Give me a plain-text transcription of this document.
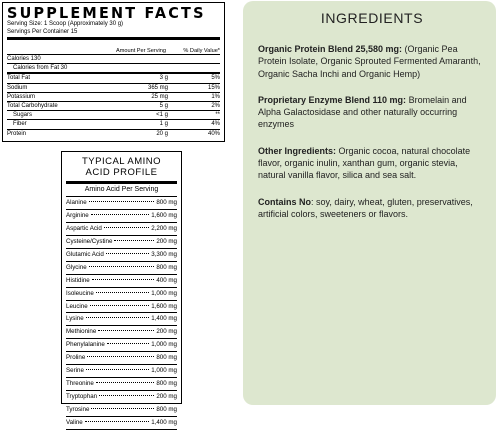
SUPPLEMENT FACTS
Serving Size: 1 Scoop (Approximately 30 g)
Servings Per Container 15
Amount Per Serving	% Daily Value*
Calories 130
Calories from Fat 30
Total Fat	3 g	5%
Sodium	365 mg	15%
Potassium	25 mg	1%
Total Carbohydrate	5 g	2%
Sugars	<1 g	**
Fiber	1 g	4%
Protein	20 g	40%
TYPICAL AMINO
ACID PROFILE
Amino Acid Per Serving
Alanine	800 mg
Arginine	1,600 mg
Aspartic Acid	2,200 mg
Cysteine/Cystine	200 mg
Glutamic Acid	3,300 mg
Glycine	800 mg
Histidine	400 mg
Isoleucine	1,000 mg
Leucine	1,600 mg
Lysine	1,400 mg
Methionine	200 mg
Phenylalanine	1,000 mg
Proline	800 mg
Serine	1,000 mg
Threonine	800 mg
Tryptophan	200 mg
Tyrosine	800 mg
Valine	1,400 mg
INGREDIENTS

Organic Protein Blend 25,580 mg: (Organic Pea Protein Isolate, Organic Sprouted Fermented Amaranth, Organic Sacha Inchi and Organic Hemp)

Proprietary Enzyme Blend 110 mg: Bromelain and Alpha Galactosidase and other naturally occurring enzymes

Other Ingredients: Organic cocoa, natural chocolate flavor, organic inulin, xanthan gum, organic stevia, natural vanilla flavor, silica and sea salt.

Contains No: soy, dairy, wheat, gluten, preservatives, artificial colors, sweeteners or flavors.
